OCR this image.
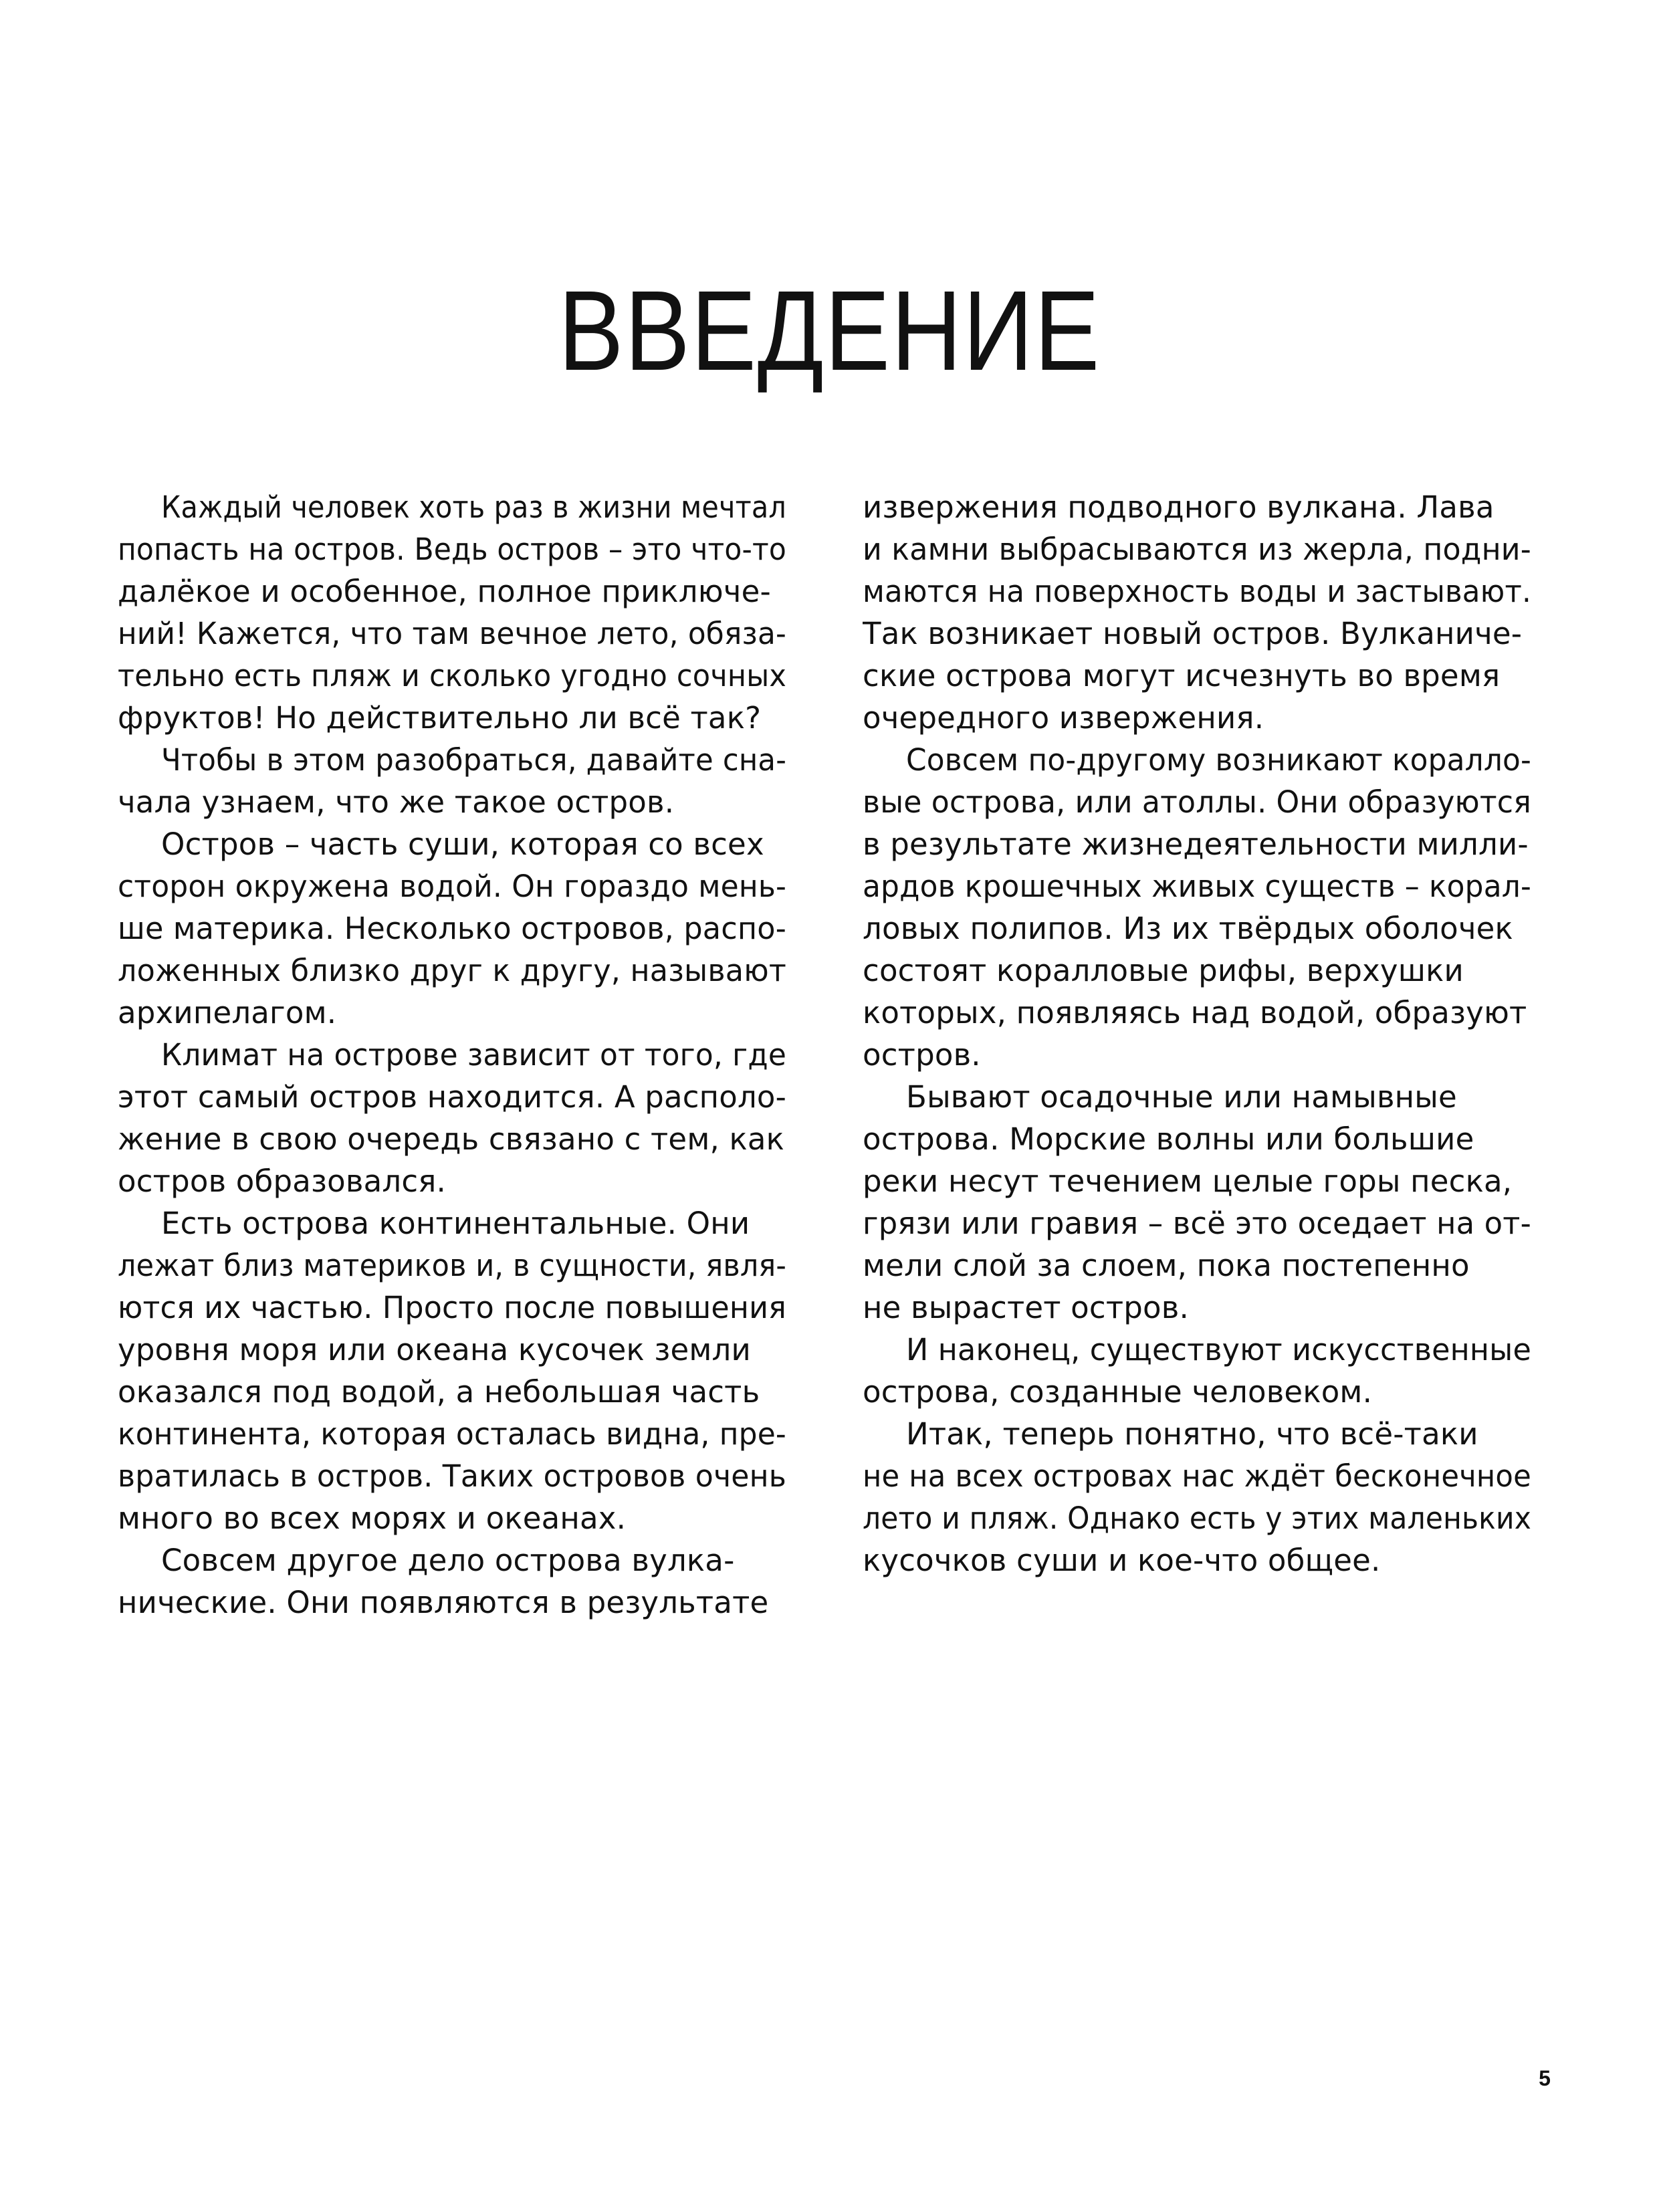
ВВЕДЕНИЕ
Каждый человек хоть раз в жизни мечтал
попасть на остров. Ведь остров – это что-то
далёкое и особенное, полное приключе-
ний! Кажется, что там вечное лето, обяза-
тельно есть пляж и сколько угодно сочных
фруктов! Но действительно ли всё так?
Чтобы в этом разобраться, давайте сна-
чала узнаем, что же такое остров.
Остров – часть суши, которая со всех
сторон окружена водой. Он гораздо мень-
ше материка. Несколько островов, распо-
ложенных близко друг к другу, называют
архипелагом.
Климат на острове зависит от того, где
этот самый остров находится. А располо-
жение в свою очередь связано с тем, как
остров образовался.
Есть острова континентальные. Они
лежат близ материков и, в сущности, явля-
ются их частью. Просто после повышения
уровня моря или океана кусочек земли
оказался под водой, а небольшая часть
континента, которая осталась видна, пре-
вратилась в остров. Таких островов очень
много во всех морях и океанах.
Совсем другое дело острова вулка-
нические. Они появляются в результате
извержения подводного вулкана. Лава
и камни выбрасываются из жерла, подни-
маются на поверхность воды и застывают.
Так возникает новый остров. Вулканиче-
ские острова могут исчезнуть во время
очередного извержения.
Совсем по-другому возникают коралло-
вые острова, или атоллы. Они образуются
в результате жизнедеятельности милли-
ардов крошечных живых существ – корал-
ловых полипов. Из их твёрдых оболочек
состоят коралловые рифы, верхушки
которых, появляясь над водой, образуют
остров.
Бывают осадочные или намывные
острова. Морские волны или большие
реки несут течением целые горы песка,
грязи или гравия – всё это оседает на от-
мели слой за слоем, пока постепенно
не вырастет остров.
И наконец, существуют искусственные
острова, созданные человеком.
Итак, теперь понятно, что всё-таки
не на всех островах нас ждёт бесконечное
лето и пляж. Однако есть у этих маленьких
кусочков суши и кое-что общее.
5
